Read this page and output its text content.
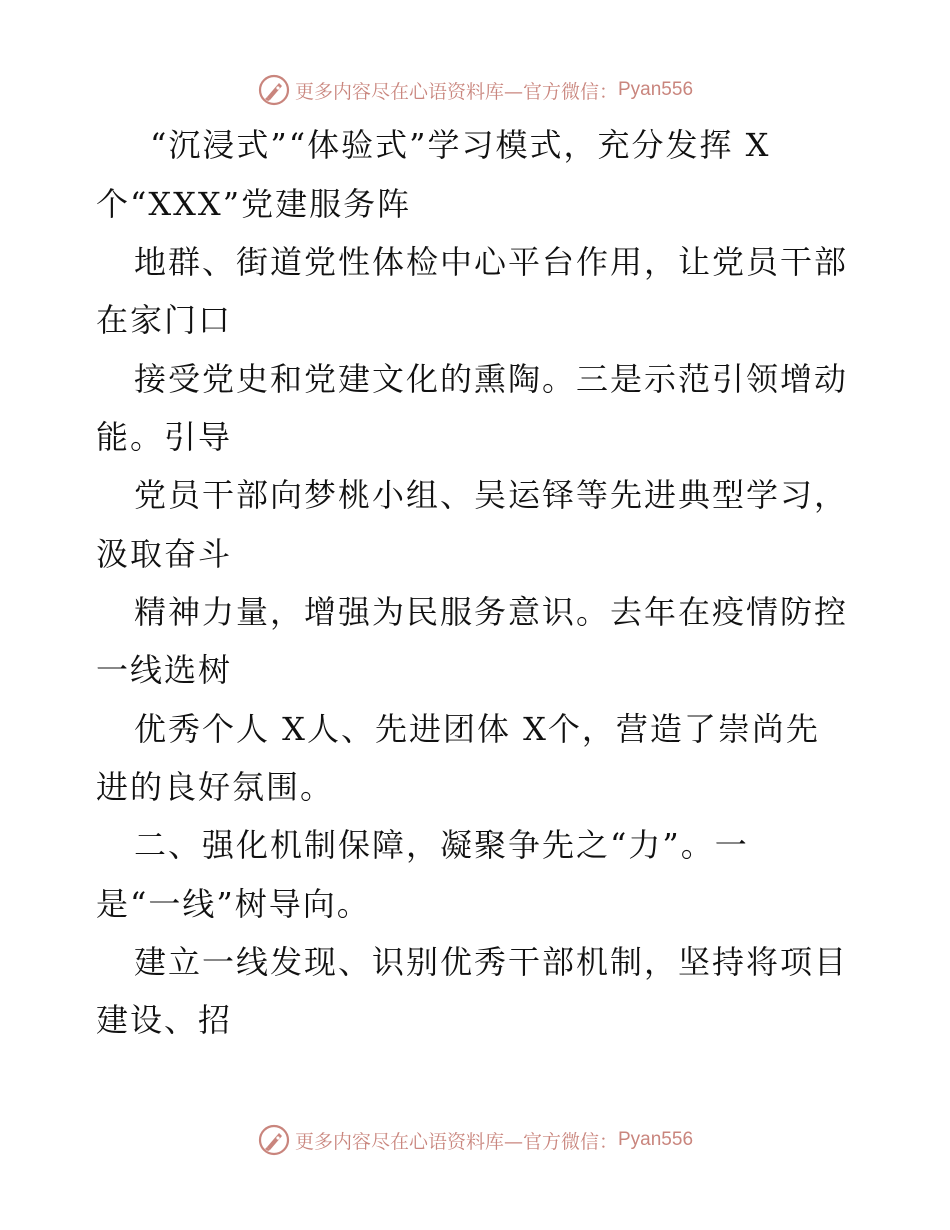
更多内容尽在心语资料库—官方微信： Pyan556
“沉浸式”“体验式”学习模式，充分发挥 X
个“XXX”党建服务阵
地群、街道党性体检中心平台作用，让党员干部
在家门口
接受党史和党建文化的熏陶。三是示范引领增动
能。引导
党员干部向梦桃小组、吴运铎等先进典型学习，
汲取奋斗
精神力量，增强为民服务意识。去年在疫情防控
一线选树
优秀个人 X人、先进团体 X个，营造了崇尚先
进的良好氛围。
二、强化机制保障，凝聚争先之“力”。一
是“一线”树导向。
建立一线发现、识别优秀干部机制，坚持将项目
建设、招
更多内容尽在心语资料库—官方微信： Pyan556
